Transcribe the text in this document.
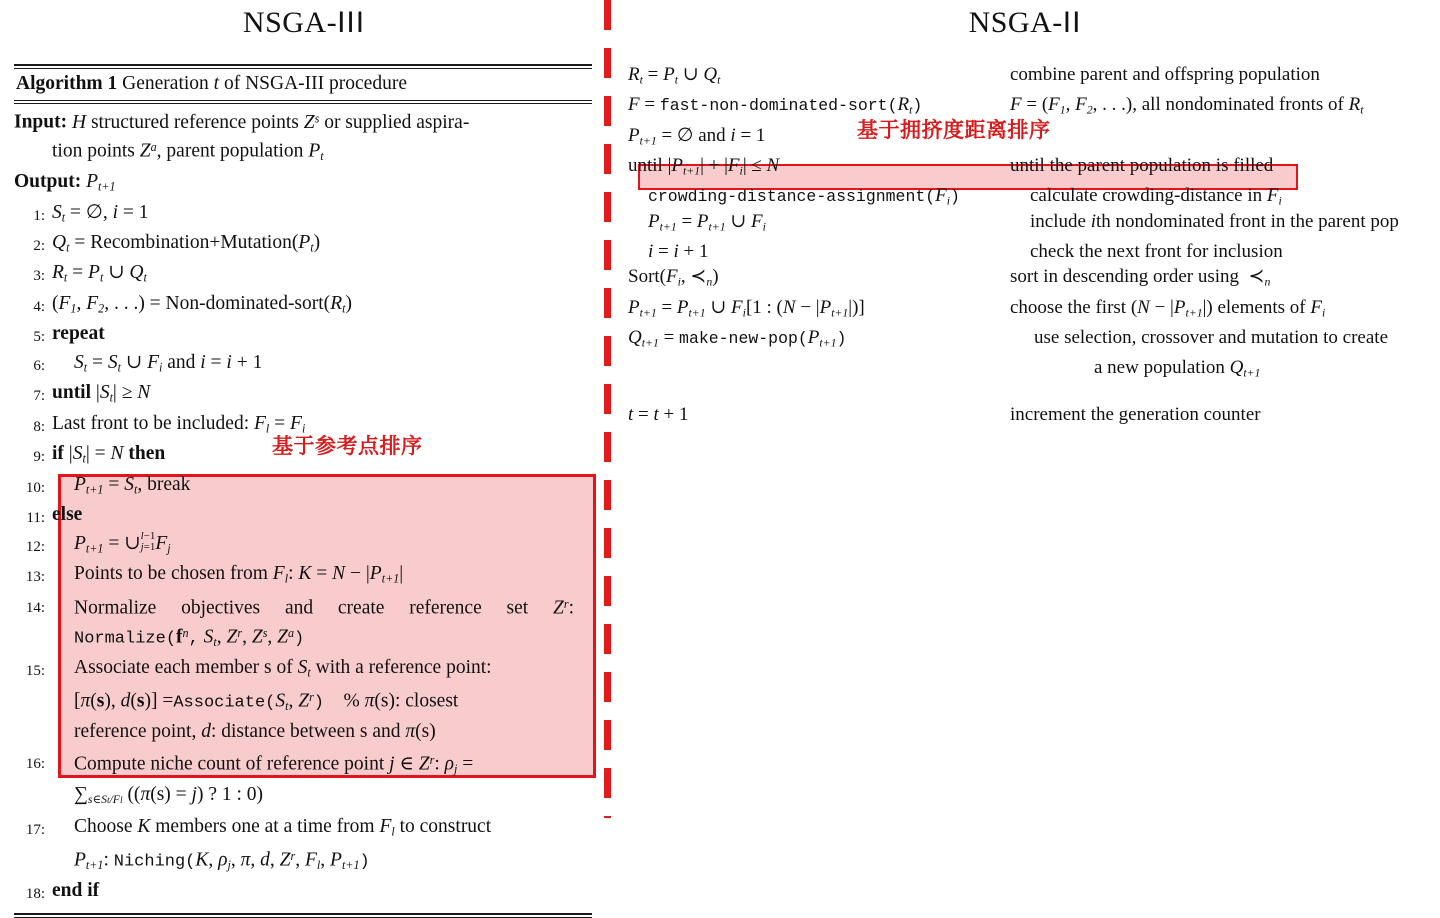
NSGA-III
基于参考点排序
Algorithm 1 Generation t of NSGA-III procedure
Input: H structured reference points $Z^s$ or supplied aspira-
tion points $Z^a$, parent population $P_t$
Output: $P_{t+1}$
1: $S_t$ = ∅, i = 1
2: $Q_t$ = $Recombination+Mutation(P_t)$
3: $R_t = P_t$ ∪ $Q_t$
4: ($F_1$, $F_2$, . . .) = Non-$dominated-sort(R_t)$
5: repeat
6:	$S_t = S_t$ ∪ $F_i$ and i = i + 1
7: until $|S_t| \ge N$
8: Last front to be included: $F_l = F_i$
9: if $|S_t| = N$ then
10:	$P_{t+1} = S_t$, break
11: else
12:	$P_{t+1}$ = ∪ l−1
j=1 $F_j$
13:	Points to be chosen from $F_l$: $K = N - |P_{t+1}|$
14:	Normalize objectives and create reference set $Z^r$:
$Normalize(f^n$, $S_t$, $Z^r$, $Z^s$, $Z^a$)
15:	Associate each member s of $S_t$ with a reference point:
[π(s), $d(s)] =Associate(S_t$, $Z^r$)    % π(s): closest
reference point, d: distance between s and π(s)
16:	Compute niche count of reference point j ∈ $Z^r$: $\rho_j$ =
$\sum_{s\in St/Fl}$ ((π(s) = j) ? 1 : 0)
17:	Choose K members one at a time from $F_l$ to construct
$P_{t+1}$: Niching(K, $\rho_j$, π, d, $Z^r$, $F_l$, $P_{t+1}$)
18: end if
NSGA-II
基于拥挤度距离排序
$R_t = P_t$ ∪ $Q_t$	combine parent and offspring population
F = fast-$non-dominated-sort(R_t)$	$F = (F_1$, $F_2$, . . .), all nondominated fronts of $R_t$
$P_{t+1}$ = ∅ and i = 1
until $|P_{t+1}| + |F_i| \le N$	until the parent population is filled
crowding-$distance-assignment(F_i)$	calculate crowding-distance in $F_i$
$P_{t+1} = P_{t+1}$ ∪ $F_i$	include ith nondominated front in the parent pop
i = i + 1	check the next front for inclusion
$Sort(F_i$, $≺_n$)	sort in descending order using  $≺_n$
$P_{t+1} = P_{t+1}$ ∪ $F_i[1$ : $(N - |P_{t+1}|)$]	choose the first $(N - |P_{t+1}|)$ elements of $F_i$
$Q_{t+1}$ = make-$new-pop(P_{t+1})$	use selection, crossover and mutation to create

a new population $Q_{t+1}$

t = t + 1	increment the generation counter
